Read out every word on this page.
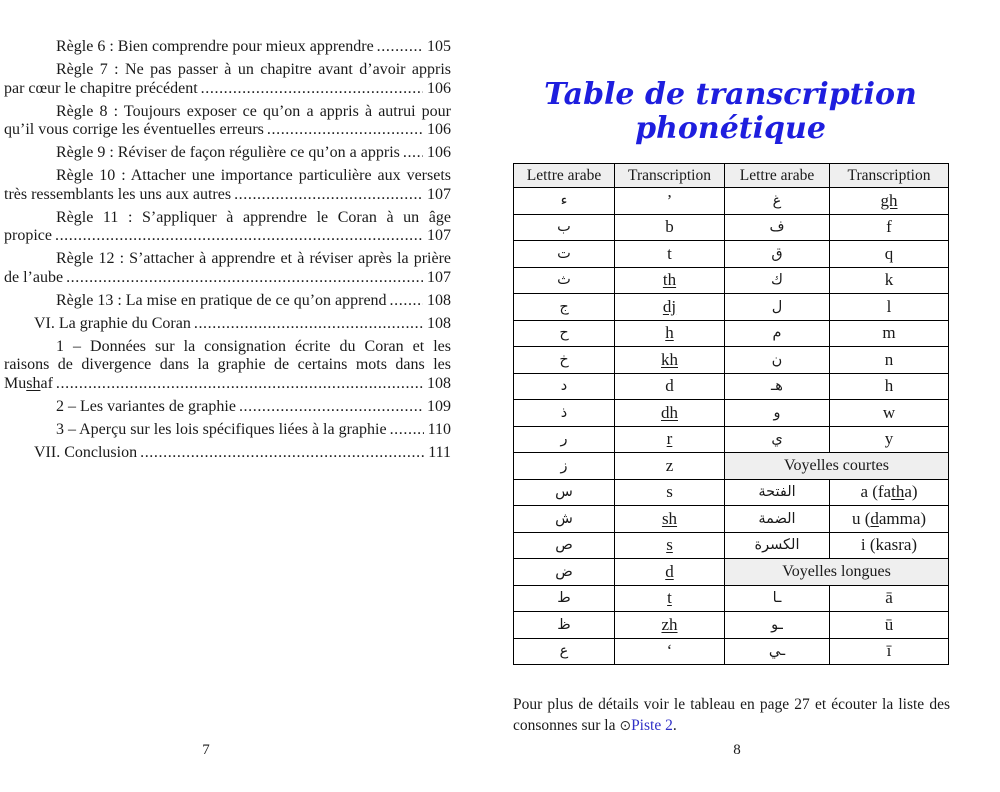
Règle 6 : Bien comprendre pour mieux apprendre .....	105
Règle 7 : Ne pas passer à un chapitre avant d’avoir appris
par cœur le chapitre précédent .....	106
Règle 8 : Toujours exposer ce qu’on a appris à autrui pour
qu’il vous corrige les éventuelles erreurs .....	106
Règle 9 : Réviser de façon régulière ce qu’on a appris ..... 106
Règle 10 : Attacher une importance particulière aux versets
très ressemblants les uns aux autres .....	107
Règle 11 : S’appliquer à apprendre le Coran à un âge
propice .....	107
Règle 12 : S’attacher à apprendre et à réviser après la prière
de l’aube .....	107
Règle 13 : La mise en pratique de ce qu’on apprend .....	108
VI. La graphie du Coran .....	108
1 – Données sur la consignation écrite du Coran et les
raisons de divergence dans la graphie de certains mots dans les
Mushaf .....	108
2 – Les variantes de graphie .....	109
3 – Aperçu sur les lois spécifiques liées à la graphie .....	110
VII. Conclusion .....	111
Table de transcription phonétique
Lettre arabe	Transcription	Lettre arabe	Transcription
ء	’	غ	gh
ب	b	ف	f
ت	t	ق	q
ث	th	ك	k
ج	dj	ل	l
ح	h	م	m
خ	kh	ن	n
د	d	هـ	h
ذ	dh	و	w
ر	r	ي	y
ز	z	Voyelles courtes	
س	s	الفتحة	a (fatha)
ش	sh	الضمة	u (damma)
ص	s	الكسرة	i (kasra)
ض	d	Voyelles longues	
ط	t	ـا	ā
ظ	zh	ـو	ū
ع	‘	ـي	ī

Pour plus de détails voir le tableau en page 27 et écouter la liste des consonnes sur la ⊙Piste 2.

7	8
